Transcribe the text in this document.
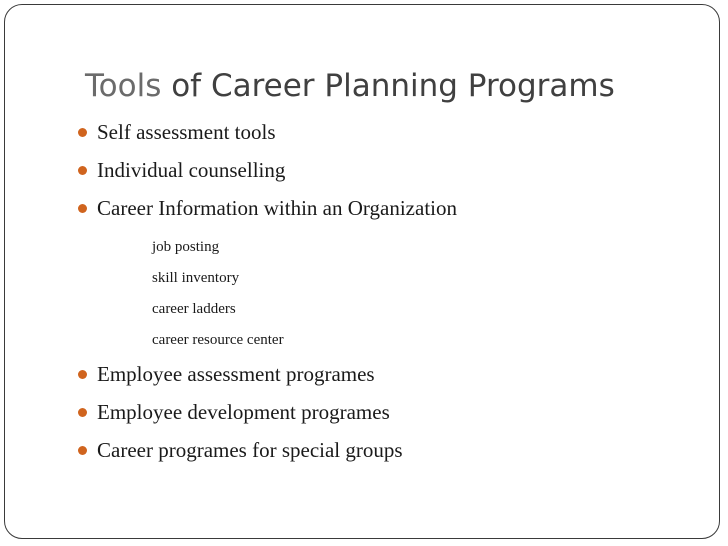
Tools of Career Planning Programs
Self assessment tools
Individual counselling
Career Information within an Organization
job posting
skill inventory
career ladders
career resource center
Employee assessment programes
Employee development programes
Career programes for special groups
